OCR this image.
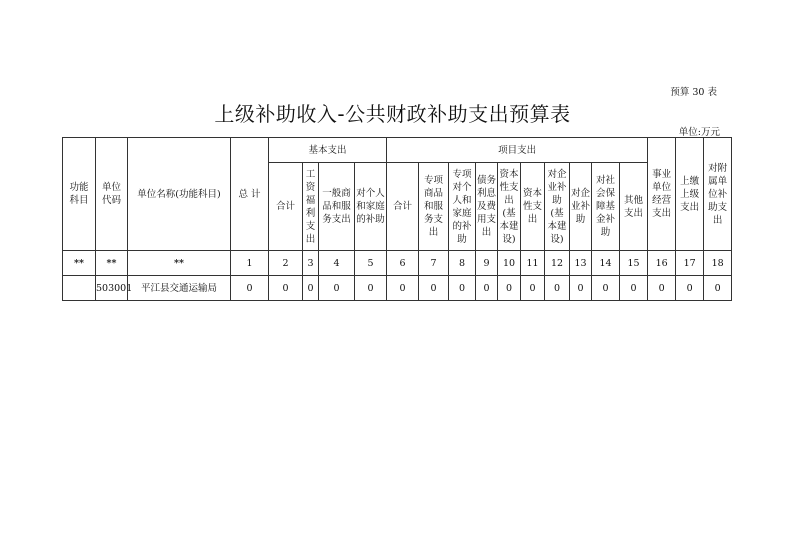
预算 30 表
上级补助收入-公共财政补助支出预算表
单位:万元
功能科目	单位代码	单位名称(功能科目)	总 计	基本支出				项目支出										事业单位经营支出	上缴上级支出	对附属单位补助支出
				合计	工资福利支出	一般商品和服务支出	对个人和家庭的补助	合计	专项商品和服务支出	专项对个人和家庭的补助	债务利息及费用支出	资本性支出(基本建设)	资本性支出	对企业补助(基本建设)	对企业补助	对社会保障基金补助	其他支出			
**	**	**	1	2	3	4	5	6	7	8	9	10	11	12	13	14	15	16	17	18
	503001	平江县交通运输局	0	0	0	0	0	0	0	0	0	0	0	0	0	0	0	0	0	0
